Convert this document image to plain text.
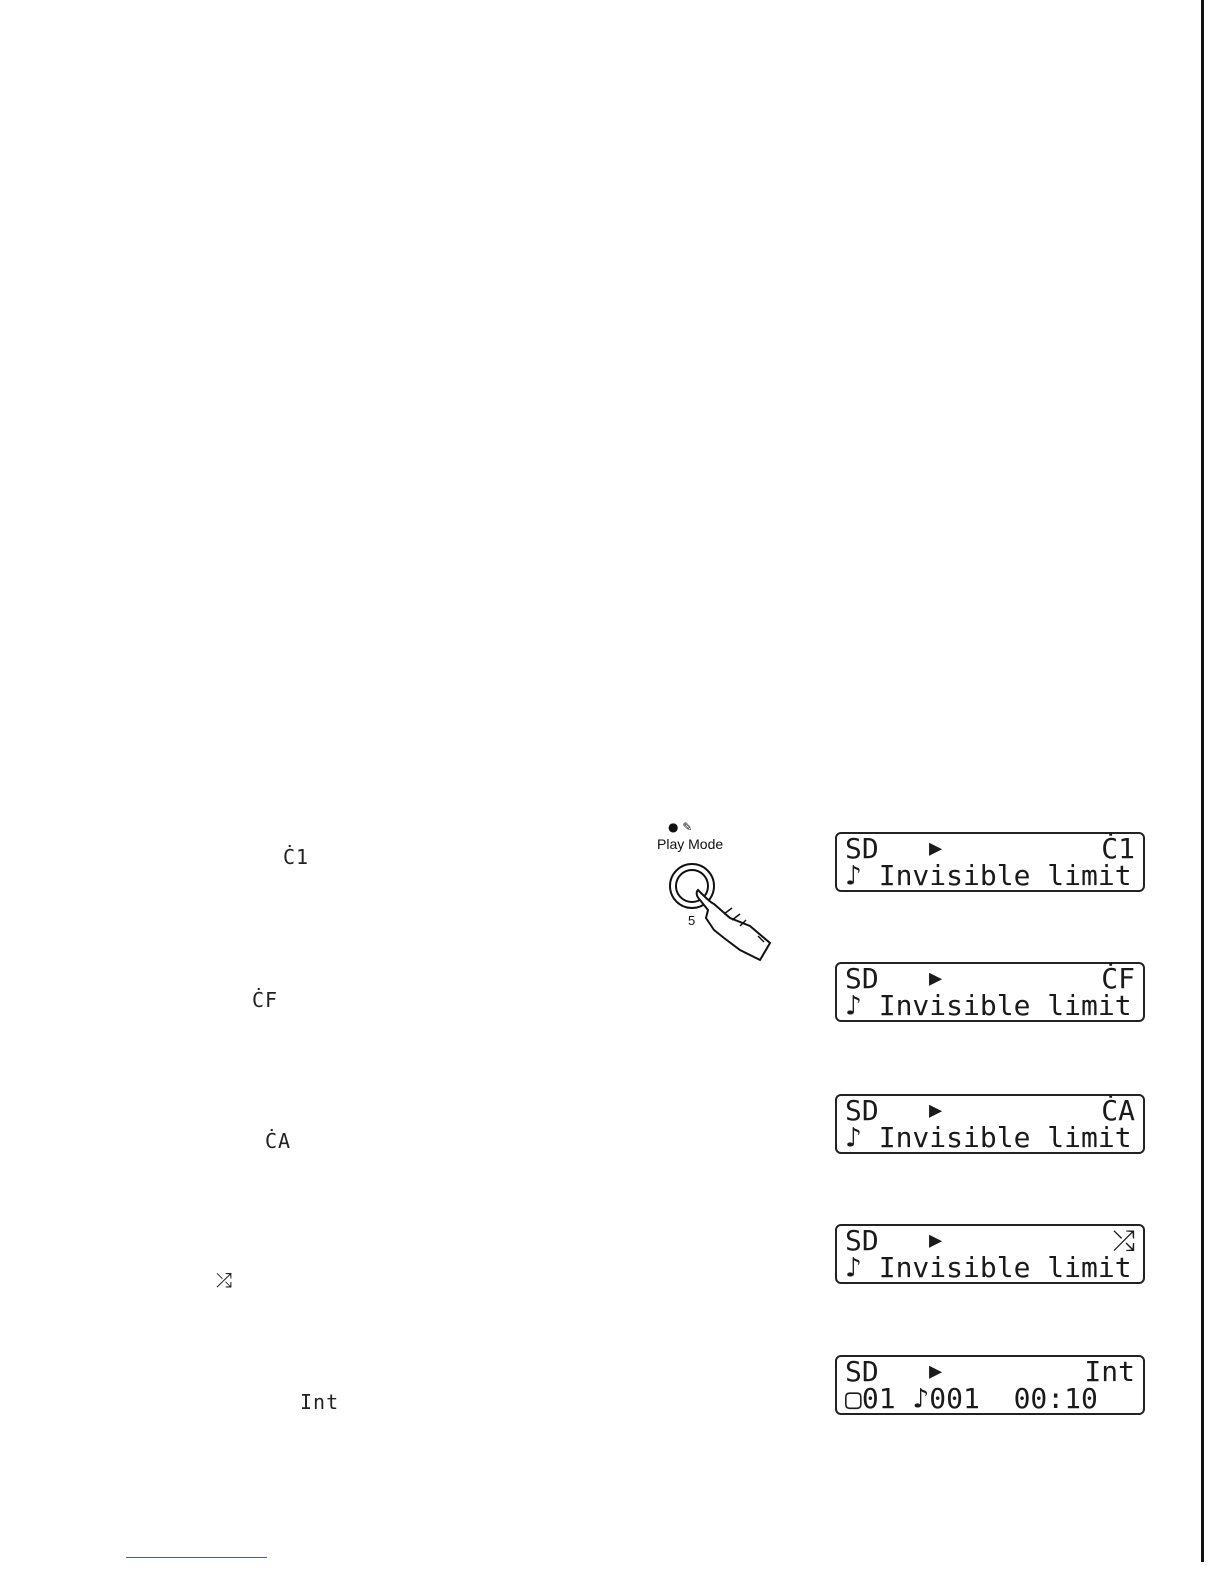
Ċ1
ĊF
ĊA
⤮
Int
● ✎
Play Mode
5
SD ▶	Ċ1
♪ Invisible limit
SD ▶	ĊF
♪ Invisible limit
SD ▶	ĊA
♪ Invisible limit
SD ▶	⤮
♪ Invisible limit
SD ▶	Int
▢01 ♪001  00:10
